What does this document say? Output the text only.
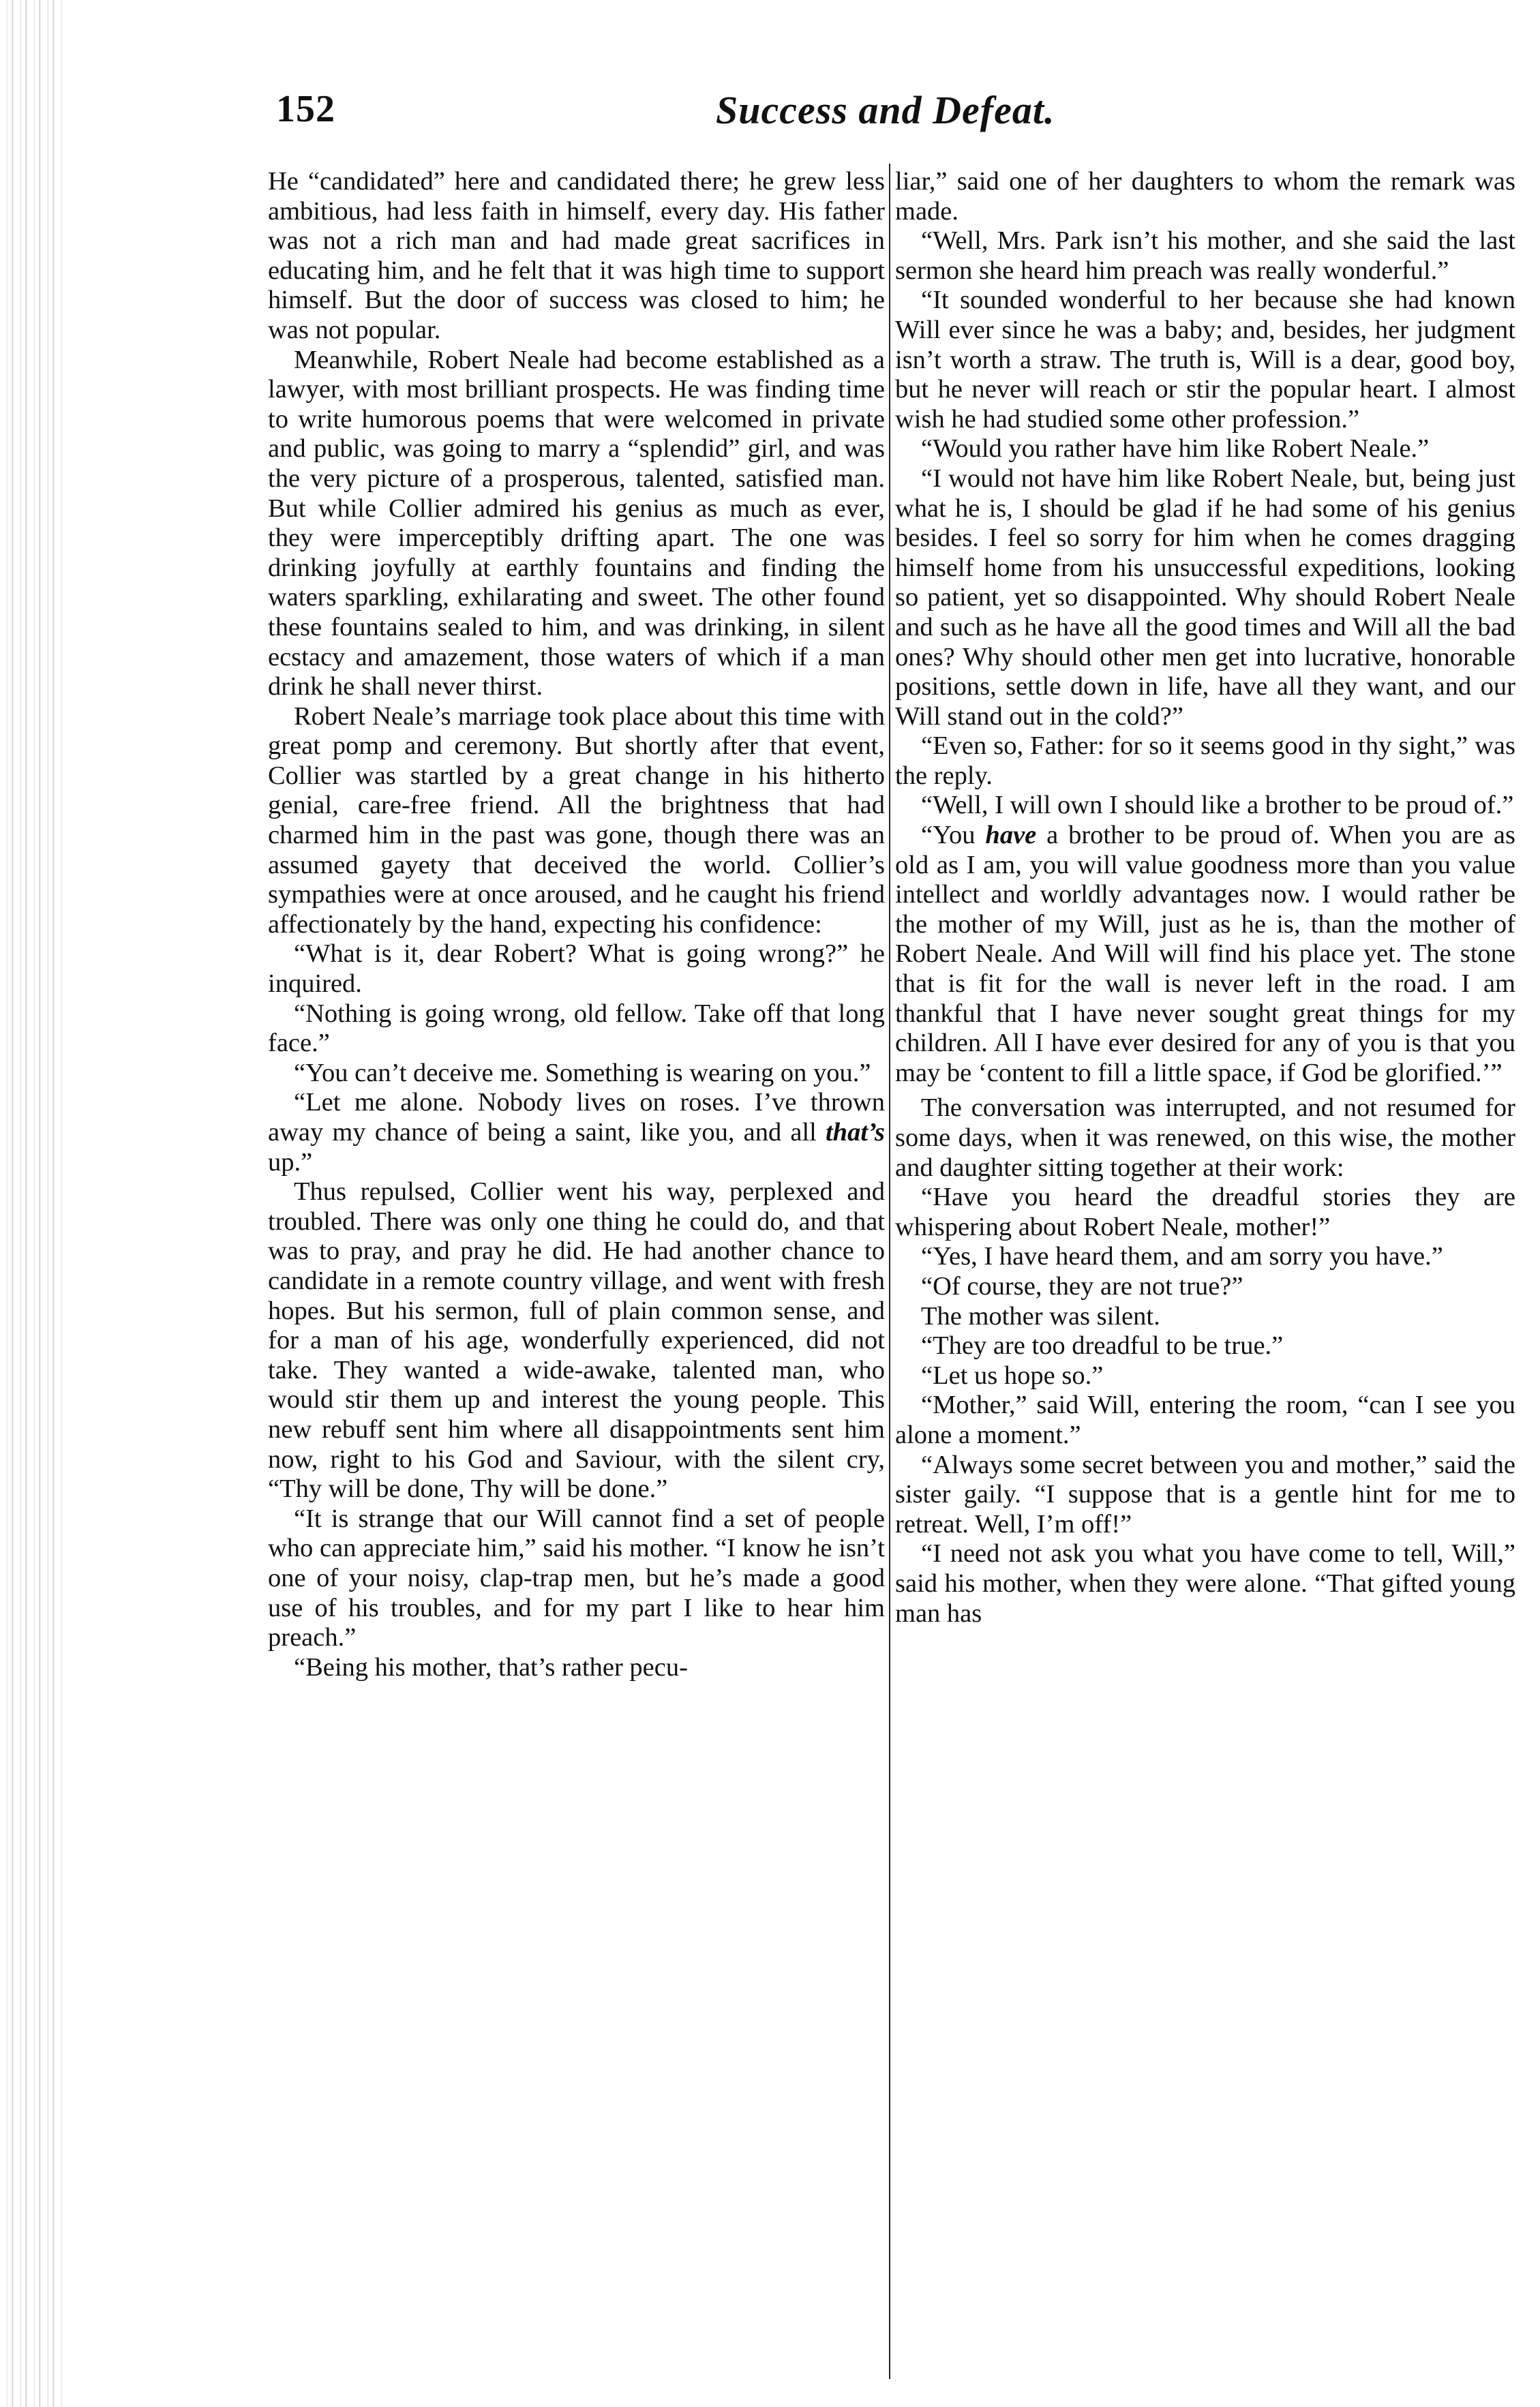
152	Success and Defeat.

He “candidated” here and candidated there; he grew less ambitious, had less faith in himself, every day. His father was not a rich man and had made great sacrifices in educating him, and he felt that it was high time to support himself. But the door of success was closed to him; he was not popular.

Meanwhile, Robert Neale had become established as a lawyer, with most brilliant prospects. He was finding time to write humorous poems that were welcomed in private and public, was going to marry a “splendid” girl, and was the very picture of a prosperous, talented, satisfied man. But while Collier admired his genius as much as ever, they were imperceptibly drifting apart. The one was drinking joyfully at earthly fountains and finding the waters sparkling, exhilarating and sweet. The other found these fountains sealed to him, and was drinking, in silent ecstacy and amazement, those waters of which if a man drink he shall never thirst.

Robert Neale’s marriage took place about this time with great pomp and ceremony. But shortly after that event, Collier was startled by a great change in his hitherto genial, care-free friend. All the brightness that had charmed him in the past was gone, though there was an assumed gayety that deceived the world. Collier’s sympathies were at once aroused, and he caught his friend affectionately by the hand, expecting his confidence:

“What is it, dear Robert? What is going wrong?” he inquired.

“Nothing is going wrong, old fellow. Take off that long face.”

“You can’t deceive me. Something is wearing on you.”

“Let me alone. Nobody lives on roses. I’ve thrown away my chance of being a saint, like you, and all that’s up.”

Thus repulsed, Collier went his way, perplexed and troubled. There was only one thing he could do, and that was to pray, and pray he did. He had another chance to candidate in a remote country village, and went with fresh hopes. But his sermon, full of plain common sense, and for a man of his age, wonderfully experienced, did not take. They wanted a wide-awake, talented man, who would stir them up and interest the young people. This new rebuff sent him where all disappointments sent him now, right to his God and Saviour, with the silent cry, “Thy will be done, Thy will be done.”

“It is strange that our Will cannot find a set of people who can appreciate him,” said his mother. “I know he isn’t one of your noisy, clap-trap men, but he’s made a good use of his troubles, and for my part I like to hear him preach.”

“Being his mother, that’s rather pecu-

liar,” said one of her daughters to whom the remark was made.

“Well, Mrs. Park isn’t his mother, and she said the last sermon she heard him preach was really wonderful.”

“It sounded wonderful to her because she had known Will ever since he was a baby; and, besides, her judgment isn’t worth a straw. The truth is, Will is a dear, good boy, but he never will reach or stir the popular heart. I almost wish he had studied some other profession.”

“Would you rather have him like Robert Neale.”

“I would not have him like Robert Neale, but, being just what he is, I should be glad if he had some of his genius besides. I feel so sorry for him when he comes dragging himself home from his unsuccessful expeditions, looking so patient, yet so disappointed. Why should Robert Neale and such as he have all the good times and Will all the bad ones? Why should other men get into lucrative, honorable positions, settle down in life, have all they want, and our Will stand out in the cold?”

“Even so, Father: for so it seems good in thy sight,” was the reply.

“Well, I will own I should like a brother to be proud of.”

“You have a brother to be proud of. When you are as old as I am, you will value goodness more than you value intellect and worldly advantages now. I would rather be the mother of my Will, just as he is, than the mother of Robert Neale. And Will will find his place yet. The stone that is fit for the wall is never left in the road. I am thankful that I have never sought great things for my children. All I have ever desired for any of you is that you may be ‘content to fill a little space, if God be glorified.’”

The conversation was interrupted, and not resumed for some days, when it was renewed, on this wise, the mother and daughter sitting together at their work:

“Have you heard the dreadful stories they are whispering about Robert Neale, mother!”

“Yes, I have heard them, and am sorry you have.”

“Of course, they are not true?”

The mother was silent.

“They are too dreadful to be true.”

“Let us hope so.”

“Mother,” said Will, entering the room, “can I see you alone a moment.”

“Always some secret between you and mother,” said the sister gaily. “I suppose that is a gentle hint for me to retreat. Well, I’m off!”

“I need not ask you what you have come to tell, Will,” said his mother, when they were alone. “That gifted young man has
